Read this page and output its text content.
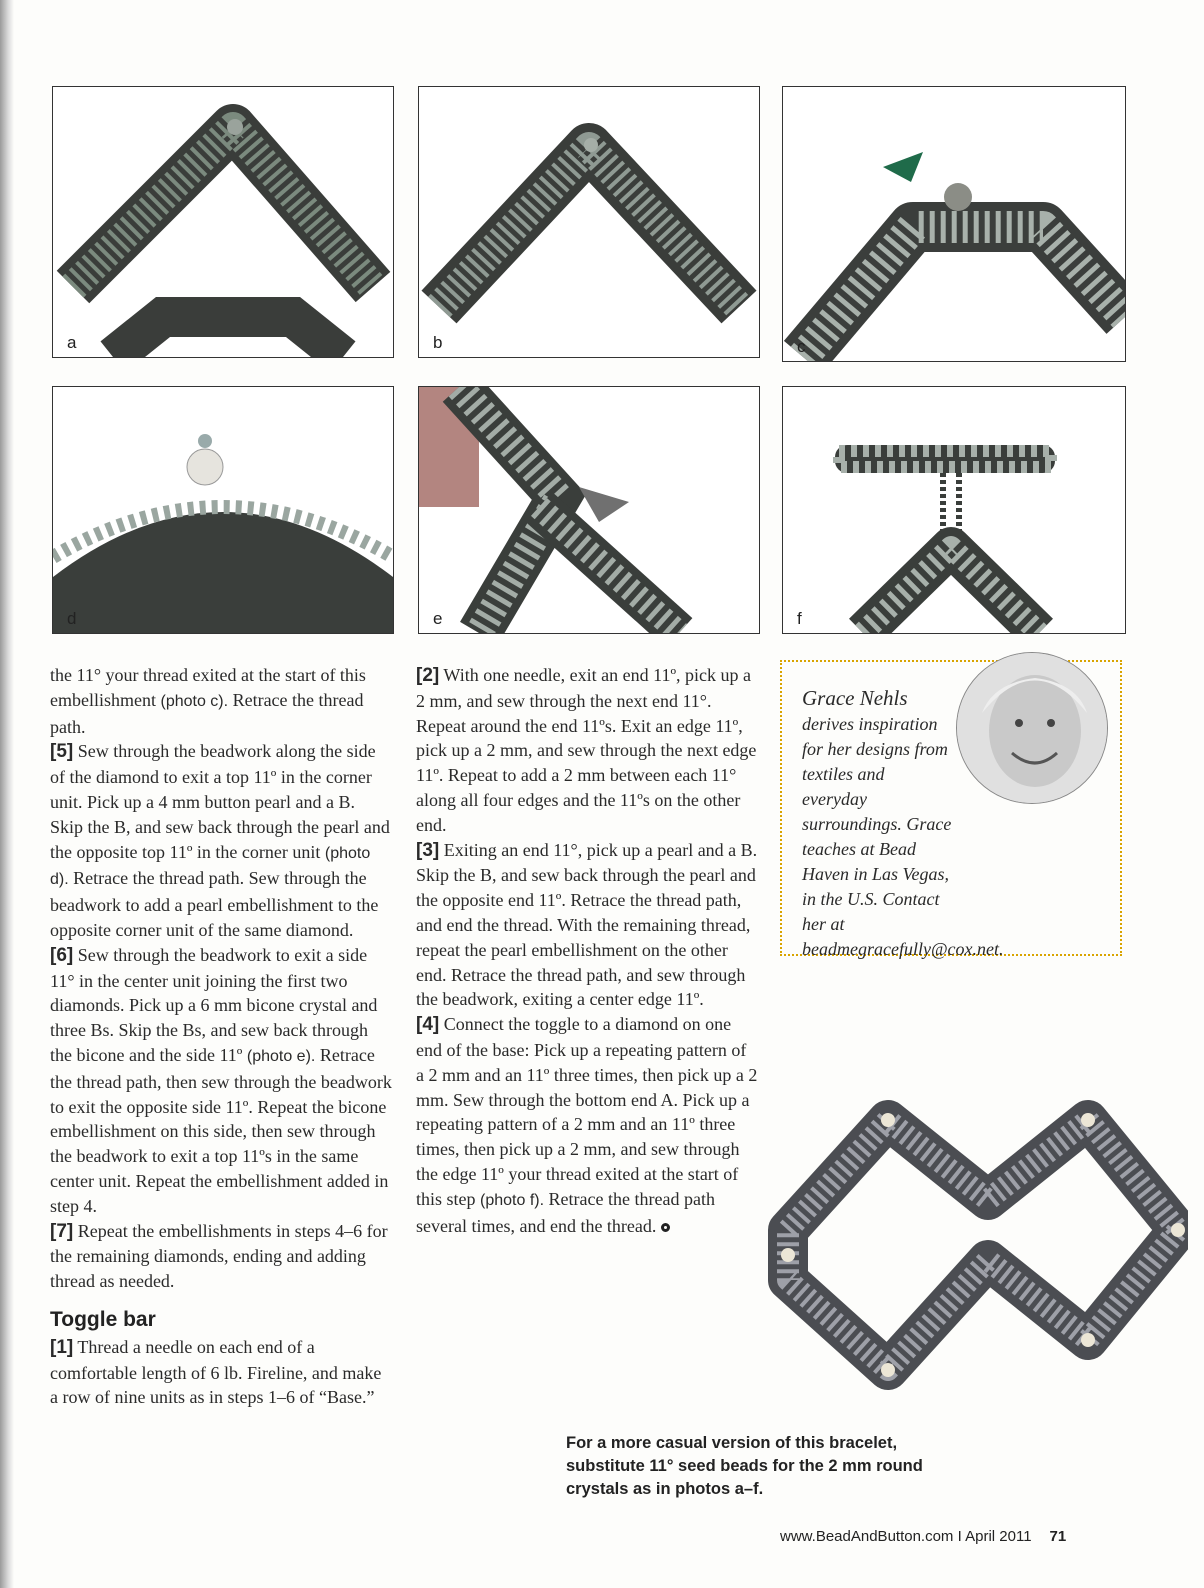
a	b	c
d	e	f

the 11° your thread exited at the start of this embellishment (photo c). Retrace the thread path.

[5] Sew through the beadwork along the side of the diamond to exit a top 11º in the corner unit. Pick up a 4 mm button pearl and a B. Skip the B, and sew back through the pearl and the opposite top 11º in the corner unit (photo d). Retrace the thread path. Sew through the beadwork to add a pearl embellishment to the opposite corner unit of the same diamond.

[6] Sew through the beadwork to exit a side 11° in the center unit joining the first two diamonds. Pick up a 6 mm bicone crystal and three Bs. Skip the Bs, and sew back through the bicone and the side 11º (photo e). Retrace the thread path, then sew through the beadwork to exit the opposite side 11º. Repeat the bicone embellishment on this side, then sew through the beadwork to exit a top 11ºs in the same center unit. Repeat the embellishment added in step 4.

[7] Repeat the embellishments in steps 4–6 for the remaining diamonds, ending and adding thread as needed.

Toggle bar

[1] Thread a needle on each end of a comfortable length of 6 lb. Fireline, and make a row of nine units as in steps 1–6 of “Base.”

[2] With one needle, exit an end 11º, pick up a 2 mm, and sew through the next end 11°. Repeat around the end 11ºs. Exit an edge 11º, pick up a 2 mm, and sew through the next edge 11º. Repeat to add a 2 mm between each 11° along all four edges and the 11ºs on the other end.

[3] Exiting an end 11°, pick up a pearl and a B. Skip the B, and sew back through the pearl and the opposite end 11º. Retrace the thread path, and end the thread. With the remaining thread, repeat the pearl embellishment on the other end. Retrace the thread path, and sew through the beadwork, exiting a center edge 11º.

[4] Connect the toggle to a diamond on one end of the base: Pick up a repeating pattern of a 2 mm and an 11º three times, then pick up a 2 mm. Sew through the bottom end A. Pick up a repeating pattern of a 2 mm and an 11º three times, then pick up a 2 mm, and sew through the edge 11º your thread exited at the start of this step (photo f). Retrace the thread path several times, and end the thread.

Grace Nehls

derives inspiration for her designs from textiles and everyday surroundings. Grace teaches at Bead Haven in Las Vegas, in the U.S. Contact her at beadmegracefully@cox.net.
For a more casual version of this bracelet, substitute 11° seed beads for the 2 mm round crystals as in photos a–f.
www.BeadAndButton.com I April 2011 71
